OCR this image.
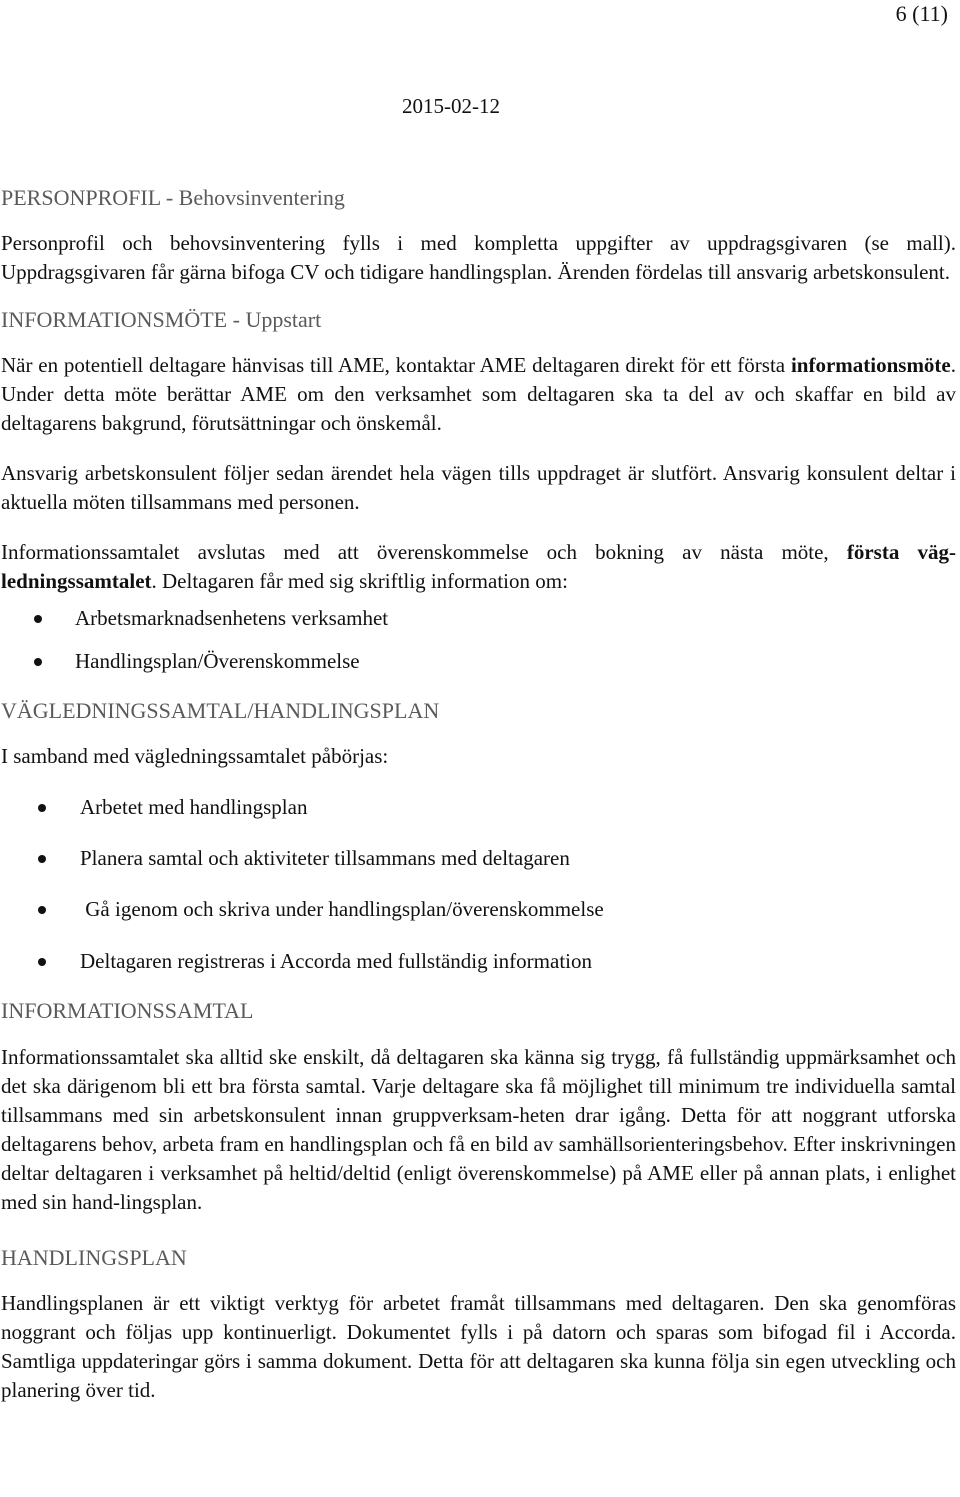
6 (11)
2015-02-12
PERSONPROFIL - Behovsinventering

Personprofil och behovsinventering fylls i med kompletta uppgifter av uppdragsgivaren (se mall). Uppdragsgivaren får gärna bifoga CV och tidigare handlingsplan. Ärenden fördelas till ansvarig arbetskonsulent.

INFORMATIONSMÖTE - Uppstart

När en potentiell deltagare hänvisas till AME, kontaktar AME deltagaren direkt för ett första informationsmöte. Under detta möte berättar AME om den verksamhet som deltagaren ska ta del av och skaffar en bild av deltagarens bakgrund, förutsättningar och önskemål.

Ansvarig arbetskonsulent följer sedan ärendet hela vägen tills uppdraget är slutfört. Ansvarig konsulent deltar i aktuella möten tillsammans med personen.

Informationssamtalet avslutas med att överenskommelse och bokning av nästa möte, första väg-ledningssamtalet. Deltagaren får med sig skriftlig information om:

Arbetsmarknadsenhetens verksamhet
Handlingsplan/Överenskommelse
VÄGLEDNINGSSAMTAL/HANDLINGSPLAN

I samband med vägledningssamtalet påbörjas:

Arbetet med handlingsplan
Planera samtal och aktiviteter tillsammans med deltagaren
Gå igenom och skriva under handlingsplan/överenskommelse
Deltagaren registreras i Accorda med fullständig information
INFORMATIONSSAMTAL

Informationssamtalet ska alltid ske enskilt, då deltagaren ska känna sig trygg, få fullständig uppmärksamhet och det ska därigenom bli ett bra första samtal. Varje deltagare ska få möjlighet till minimum tre individuella samtal tillsammans med sin arbetskonsulent innan gruppverksam-heten drar igång. Detta för att noggrant utforska deltagarens behov, arbeta fram en handlingsplan och få en bild av samhällsorienteringsbehov. Efter inskrivningen deltar deltagaren i verksamhet på heltid/deltid (enligt överenskommelse) på AME eller på annan plats, i enlighet med sin hand-lingsplan.

HANDLINGSPLAN

Handlingsplanen är ett viktigt verktyg för arbetet framåt tillsammans med deltagaren. Den ska genomföras noggrant och följas upp kontinuerligt. Dokumentet fylls i på datorn och sparas som bifogad fil i Accorda. Samtliga uppdateringar görs i samma dokument. Detta för att deltagaren ska kunna följa sin egen utveckling och planering över tid.
